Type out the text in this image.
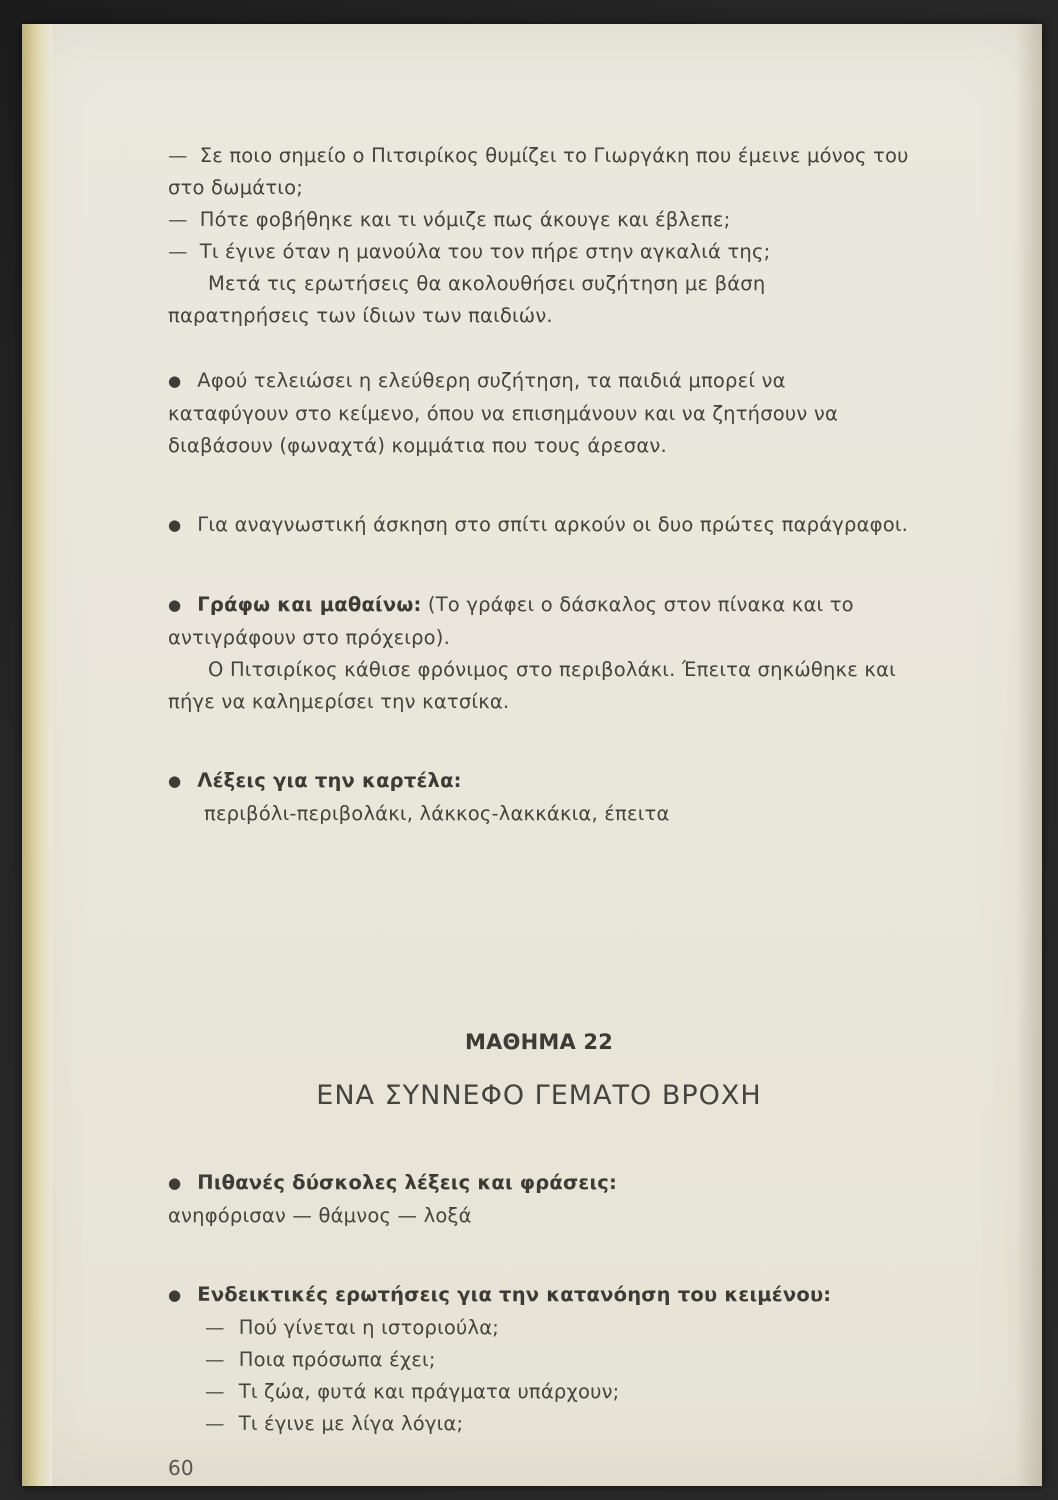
— Σε ποιο σημείο ο Πιτσιρίκος θυμίζει το Γιωργάκη που έμεινε μόνος του στο δωμάτιο;

— Πότε φοβήθηκε και τι νόμιζε πως άκουγε και έβλεπε;

— Τι έγινε όταν η μανούλα του τον πήρε στην αγκαλιά της;

Μετά τις ερωτήσεις θα ακολουθήσει συζήτηση με βάση παρατηρήσεις των ίδιων των παιδιών.

● Αφού τελειώσει η ελεύθερη συζήτηση, τα παιδιά μπορεί να καταφύγουν στο κείμενο, όπου να επισημάνουν και να ζητήσουν να διαβάσουν (φωναχτά) κομμάτια που τους άρεσαν.

● Για αναγνωστική άσκηση στο σπίτι αρκούν οι δυο πρώτες παράγραφοι.

● Γράφω και μαθαίνω: (Το γράφει ο δάσκαλος στον πίνακα και το αντιγράφουν στο πρόχειρο).

Ο Πιτσιρίκος κάθισε φρόνιμος στο περιβολάκι. Έπειτα σηκώθηκε και πήγε να καλημερίσει την κατσίκα.

● Λέξεις για την καρτέλα:

περιβόλι-περιβολάκι, λάκκος-λακκάκια, έπειτα

ΜΑΘΗΜΑ 22

ΕΝΑ ΣΥΝΝΕΦΟ ΓΕΜΑΤΟ ΒΡΟΧΗ

● Πιθανές δύσκολες λέξεις και φράσεις:

ανηφόρισαν — θάμνος — λοξά

● Ενδεικτικές ερωτήσεις για την κατανόηση του κειμένου:

— Πού γίνεται η ιστοριούλα;

— Ποια πρόσωπα έχει;

— Τι ζώα, φυτά και πράγματα υπάρχουν;

— Τι έγινε με λίγα λόγια;

60
